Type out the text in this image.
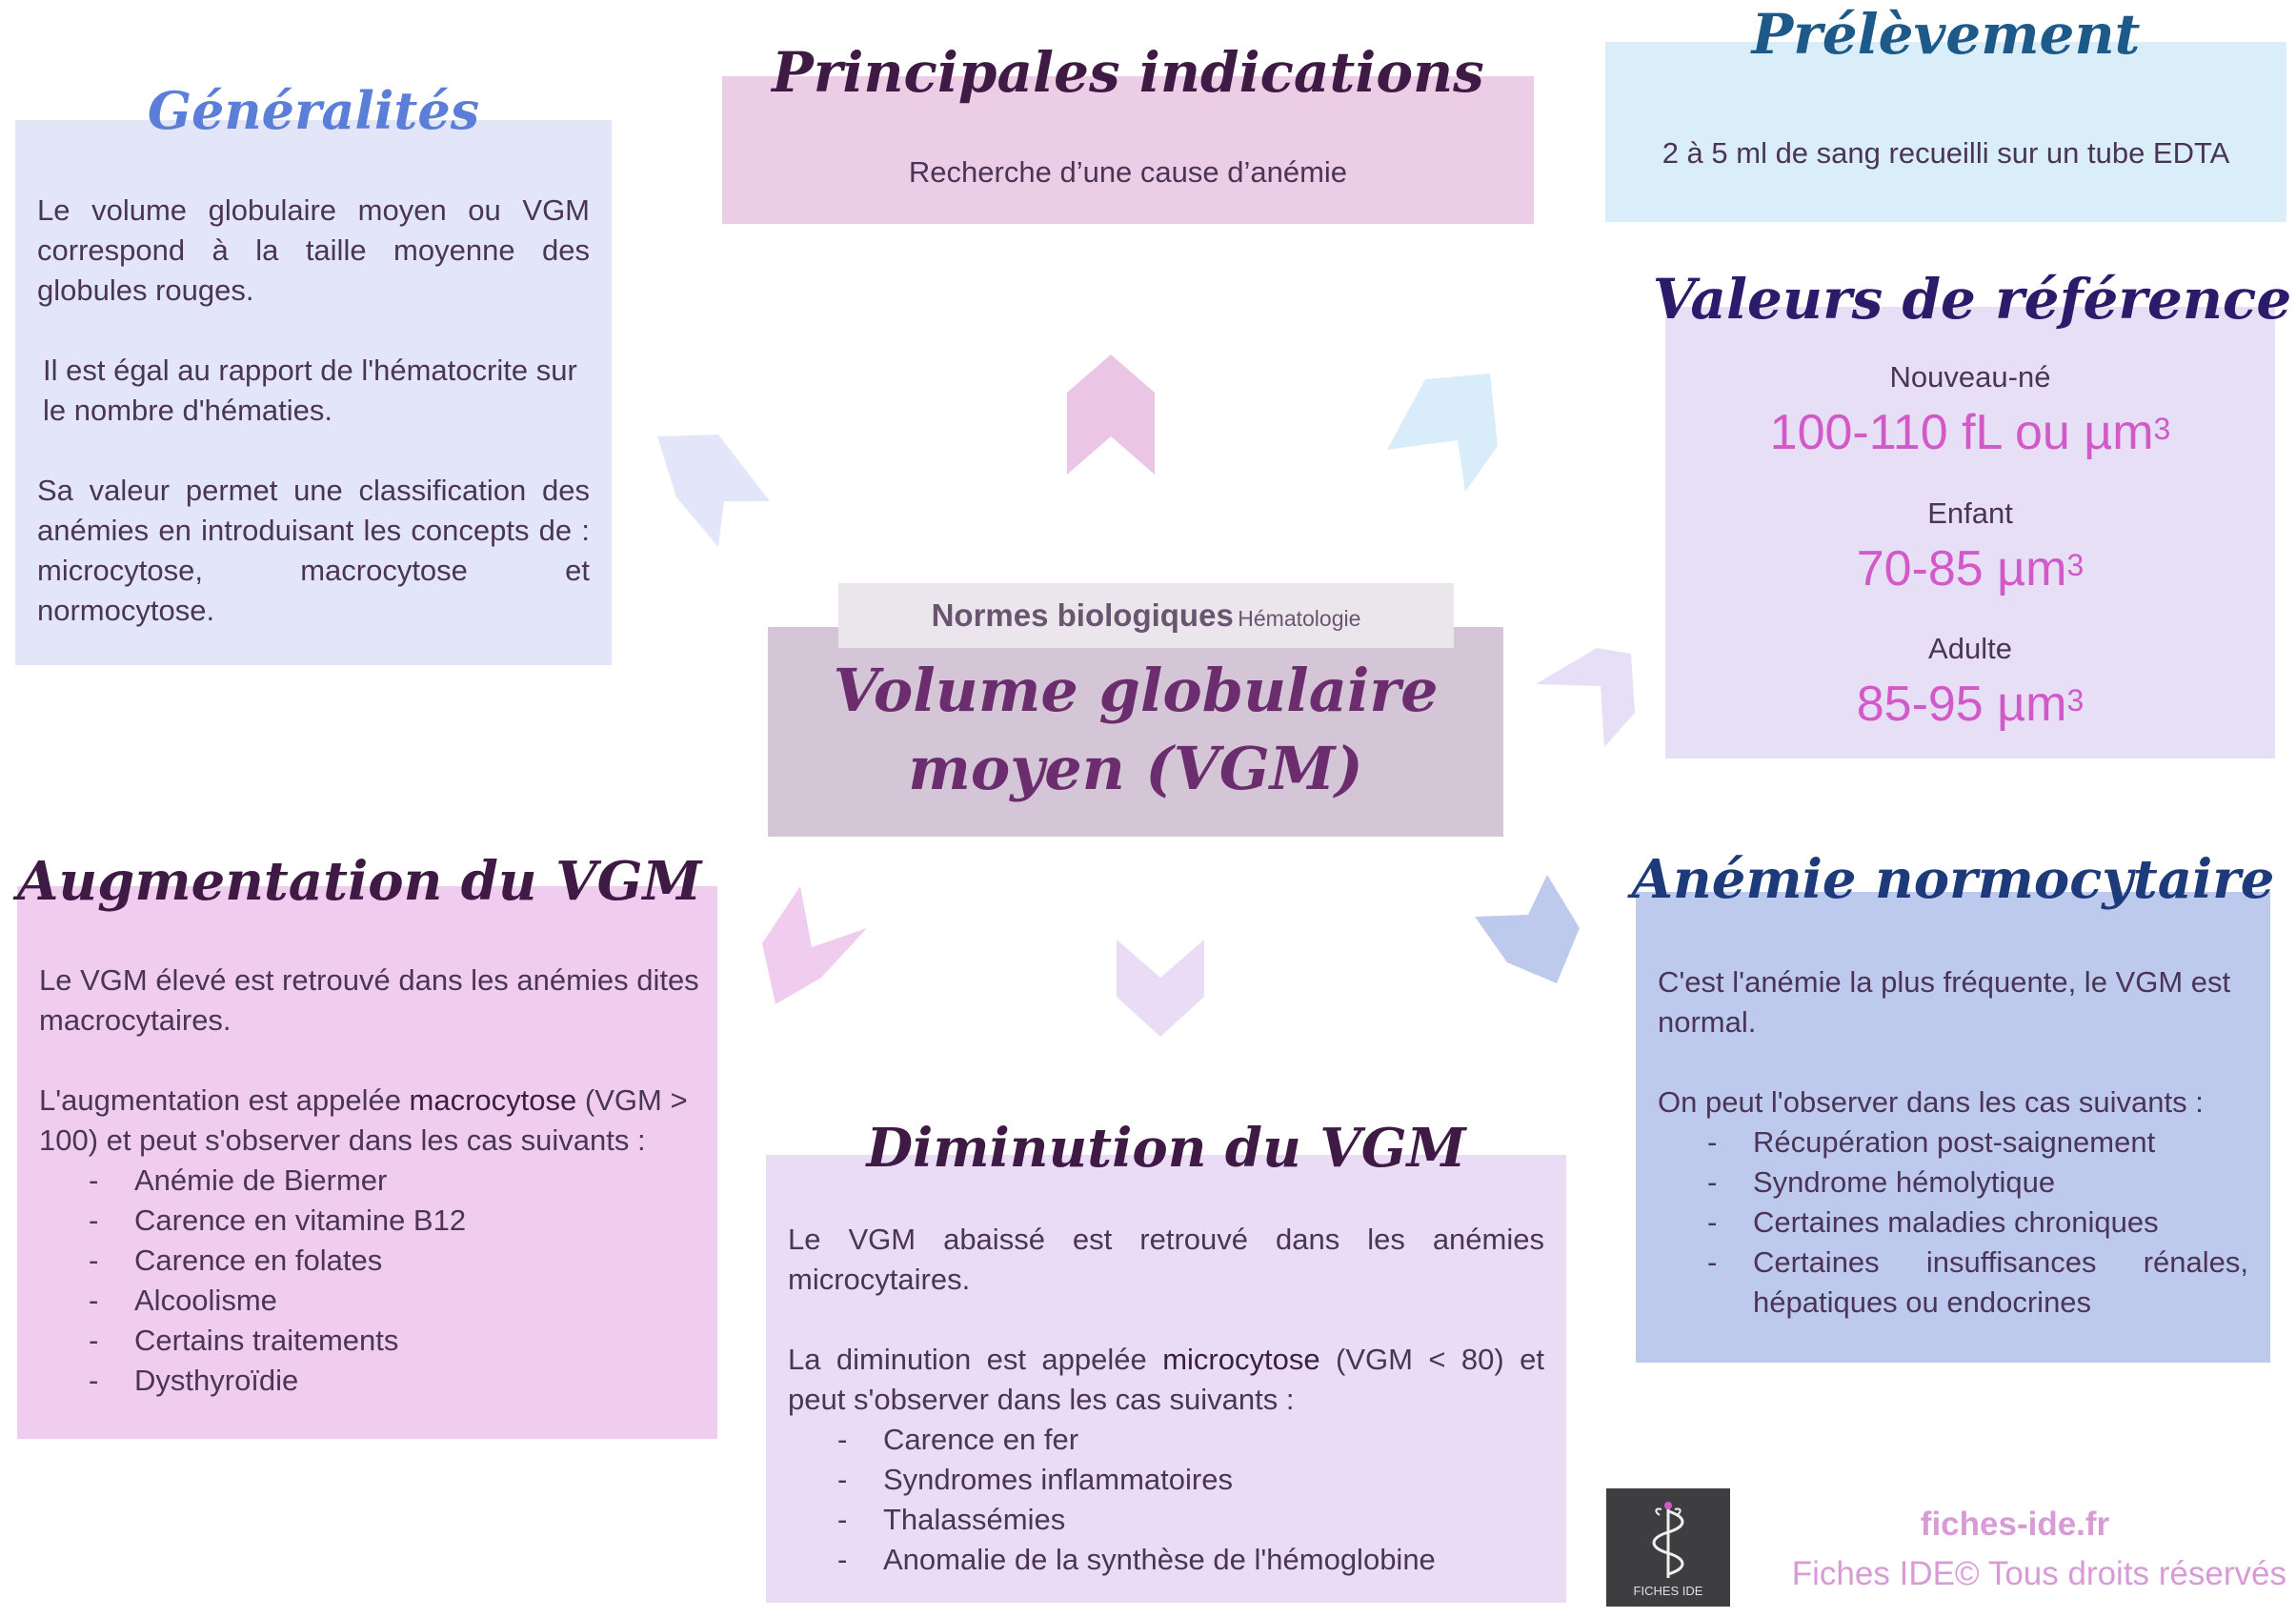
Généralités

Le volume globulaire moyen ou VGM correspond à la taille moyenne des globules rouges.

Il est égal au rapport de l'hématocrite sur le nombre d'hématies.

Sa valeur permet une classification des anémies en introduisant les concepts de : microcytose, macrocytose et normocytose.

Principales indications
Recherche d’une cause d’anémie
Prélèvement
2 à 5 ml de sang recueilli sur un tube EDTA
Valeurs de référence
Nouveau-né
100-110 fL ou µm$^3$
Enfant
70-85 µm$^3$
Adulte
85-95 µm$^3$
Normes biologiques Hématologie
Volume globulaire
moyen (VGM)
Augmentation du VGM

Le VGM élevé est retrouvé dans les anémies dites macrocytaires.

L'augmentation est appelée macrocytose (VGM > 100) et peut s'observer dans les cas suivants :

- Anémie de Biermer
- Carence en vitamine B12
- Carence en folates
- Alcoolisme
- Certains traitements
- Dysthyroïdie
Diminution du VGM

Le VGM abaissé est retrouvé dans les anémies microcytaires.

La diminution est appelée microcytose (VGM < 80) et peut s'observer dans les cas suivants :

- Carence en fer
- Syndromes inflammatoires
- Thalassémies
- Anomalie de la synthèse de l'hémoglobine
Anémie normocytaire

C'est l'anémie la plus fréquente, le VGM est normal.

On peut l'observer dans les cas suivants :

- Récupération post-saignement
- Syndrome hémolytique
- Certaines maladies chroniques
- Certaines insuffisances rénales, hépatiques ou endocrines
FICHES IDE
fiches-ide.fr
Fiches IDE© Tous droits réservés
